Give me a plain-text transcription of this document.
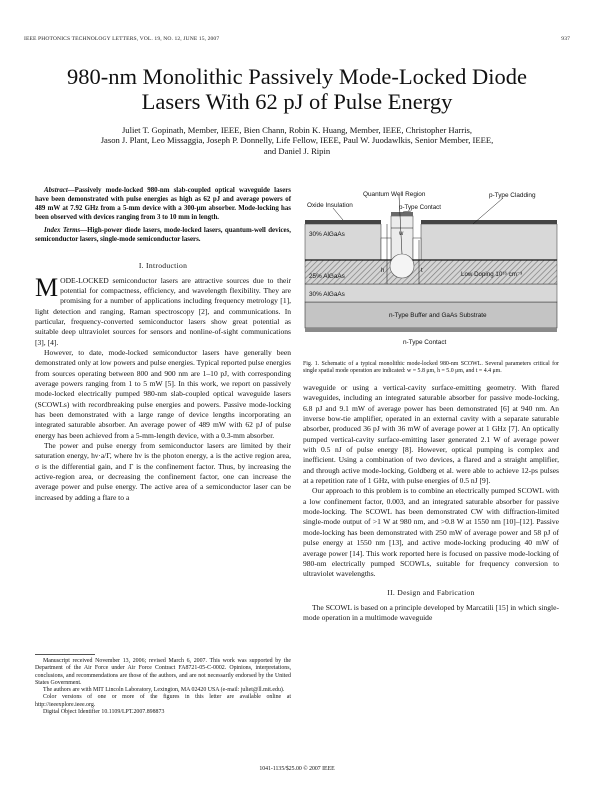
IEEE PHOTONICS TECHNOLOGY LETTERS, VOL. 19, NO. 12, JUNE 15, 2007	937
980-nm Monolithic Passively Mode-Locked Diode
Lasers With 62 pJ of Pulse Energy
Juliet T. Gopinath, Member, IEEE, Bien Chann, Robin K. Huang, Member, IEEE, Christopher Harris,
Jason J. Plant, Leo Missaggia, Joseph P. Donnelly, Life Fellow, IEEE, Paul W. Juodawlkis, Senior Member, IEEE,
and Daniel J. Ripin

Abstract—Passively mode-locked 980-nm slab-coupled optical waveguide lasers have been demonstrated with pulse energies as high as 62 pJ and average powers of 489 mW at 7.92 GHz from a 5-mm device with a 300-μm absorber. Mode-locking has been observed with devices ranging from 3 to 10 mm in length.

Index Terms—High-power diode lasers, mode-locked lasers, quantum-well devices, semiconductor lasers, single-mode semiconductor lasers.

I. Introduction

MODE-LOCKED semiconductor lasers are attractive sources due to their potential for compactness, efficiency, and wavelength flexibility. They are promising for a number of applications including frequency metrology [1], light detection and ranging, Raman spectroscopy [2], and communications. In particular, frequency-converted semiconductor lasers show great potential as suitable deep ultraviolet sources for sensors and nonline-of-sight communications [3], [4].

However, to date, mode-locked semiconductor lasers have generally been demonstrated only at low powers and pulse energies. Typical reported pulse energies from sources operating between 800 and 900 nm are 1–10 pJ, with corresponding average powers ranging from 1 to 5 mW [5]. In this work, we report on passively mode-locked electrically pumped 980-nm slab-coupled optical waveguide lasers (SCOWLs) with recordbreaking pulse energies and powers. Passive mode-locking has been demonstrated with a large range of device lengths incorporating an integrated saturable absorber. An average power of 489 mW with 62 pJ of pulse energy has been achieved from a 5-mm-length device, with a 0.3-mm absorber.

The power and pulse energy from semiconductor lasers are limited by their saturation energy, hν·a/Γ, where hν is the photon energy, a is the active region area, σ is the differential gain, and Γ is the confinement factor. Thus, by increasing the active-region area, or decreasing the confinement factor, one can increase the average power and pulse energy. The active area of a semiconductor laser can be increased by adding a flare to a

Manuscript received November 13, 2006; revised March 6, 2007. This work was supported by the Department of the Air Force under Air Force Contract FA8721-05-C-0002. Opinions, interpretations, conclusions, and recommendations are those of the authors, and are not necessarily endorsed by the United States Government.

The authors are with MIT Lincoln Laboratory, Lexington, MA 02420 USA (e-mail: juliet@ll.mit.edu).

Color versions of one or more of the figures in this letter are available online at http://ieeexplore.ieee.org.

Digital Object Identifier 10.1109/LPT.2007.898873

Quantum Well Region	p-Type Cladding
Oxide Insulation	p-Type Contact
w
30% AlGaAs
25% AlGaAs
h	t	Low Doping 10¹⁶ cm⁻³
30% AlGaAs
n-Type Buffer and GaAs Substrate
n-Type Contact
Fig. 1. Schematic of a typical monolithic mode-locked 980-nm SCOWL. Several parameters critical for single spatial mode operation are indicated: w = 5.8 μm, h = 5.0 μm, and t = 4.4 μm.

waveguide or using a vertical-cavity surface-emitting geometry. With flared waveguides, including an integrated saturable absorber for passive mode-locking, 6.8 pJ and 9.1 mW of average power has been demonstrated [6] at 940 nm. An inverse bow-tie amplifier, operated in an external cavity with a separate saturable absorber, produced 36 pJ with 36 mW of average power at 1 GHz [7]. An optically pumped vertical-cavity surface-emitting laser generated 2.1 W of average power with 0.5 nJ of pulse energy [8]. However, optical pumping is complex and inefficient. Using a combination of two devices, a flared and a straight amplifier, and through active mode-locking, Goldberg et al. were able to achieve 12-ps pulses at a repetition rate of 1 GHz, with pulse energies of 0.5 nJ [9].

Our approach to this problem is to combine an electrically pumped SCOWL with a low confinement factor, 0.003, and an integrated saturable absorber for passive mode-locking. The SCOWL has been demonstrated CW with diffraction-limited single-mode output of >1 W at 980 nm, and >0.8 W at 1550 nm [10]–[12]. Passive mode-locking has been demonstrated with 250 mW of average power and 58 pJ of pulse energy at 1550 nm [13], and active mode-locking producing 40 mW of average power [14]. This work reported here is focused on passive mode-locking of 980-nm electrically pumped SCOWLs, suitable for frequency conversion to ultraviolet wavelengths.

II. Design and Fabrication

The SCOWL is based on a principle developed by Marcatili [15] in which single-mode operation in a multimode waveguide

1041-1135/$25.00 © 2007 IEEE
